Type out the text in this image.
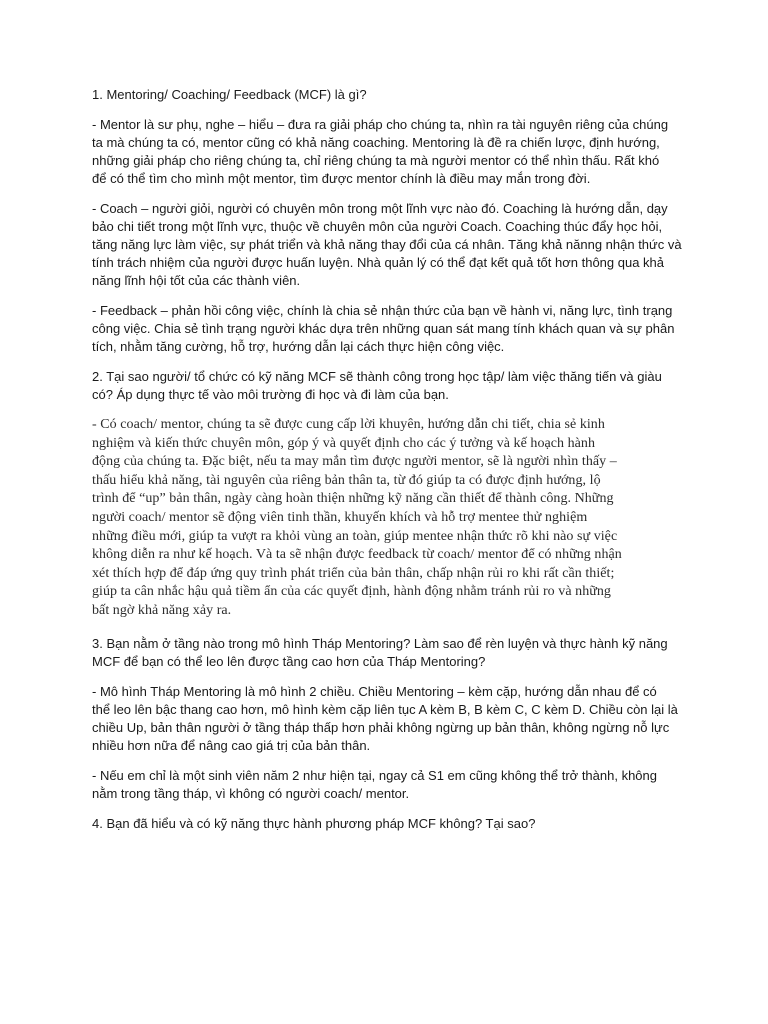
1. Mentoring/ Coaching/ Feedback (MCF) là gì?

- Mentor là sư phụ, nghe – hiểu – đưa ra giải pháp cho chúng ta, nhìn ra tài nguyên riêng của chúng
ta mà chúng ta có, mentor cũng có khả năng coaching. Mentoring là đề ra chiến lược, định hướng,
những giải pháp cho riêng chúng ta, chỉ riêng chúng ta mà người mentor có thể nhìn thấu. Rất khó
để có thể tìm cho mình một mentor, tìm được mentor chính là điều may mắn trong đời.

- Coach – người giỏi, người có chuyên môn trong một lĩnh vực nào đó. Coaching là hướng dẫn, dạy
bảo chi tiết trong một lĩnh vực, thuộc về chuyên môn của người Coach. Coaching thúc đẩy học hỏi,
tăng năng lực làm việc, sự phát triển và khả năng thay đổi của cá nhân. Tăng khả nănng nhận thức và
tính trách nhiệm của người được huấn luyện. Nhà quản lý có thể đạt kết quả tốt hơn thông qua khả
năng lĩnh hội tốt của các thành viên.

- Feedback – phản hồi công việc, chính là chia sẻ nhận thức của bạn về hành vi, năng lực, tình trạng
công việc. Chia sẻ tình trạng người khác dựa trên những quan sát mang tính khách quan và sự phân
tích, nhằm tăng cường, hỗ trợ, hướng dẫn lại cách thực hiện công việc.

2. Tại sao người/ tổ chức có kỹ năng MCF sẽ thành công trong học tập/ làm việc thăng tiến và giàu
có? Áp dụng thực tế vào môi trường đi học và đi làm của bạn.

- Có coach/ mentor, chúng ta sẽ được cung cấp lời khuyên, hướng dẫn chi tiết, chia sẻ kinh
nghiệm và kiến thức chuyên môn, góp ý và quyết định cho các ý tưởng và kế hoạch hành
động của chúng ta. Đặc biệt, nếu ta may mắn tìm được người mentor, sẽ là người nhìn thấy –
thấu hiểu khả năng, tài nguyên của riêng bản thân ta, từ đó giúp ta có được định hướng, lộ
trình để “up” bản thân, ngày càng hoàn thiện những kỹ năng cần thiết để thành công. Những
người coach/ mentor sẽ động viên tinh thần, khuyến khích và hỗ trợ mentee thử nghiệm
những điều mới, giúp ta vượt ra khỏi vùng an toàn, giúp mentee nhận thức rõ khi nào sự việc
không diễn ra như kế hoạch. Và ta sẽ nhận được feedback từ coach/ mentor để có những nhận
xét thích hợp để đáp ứng quy trình phát triển của bản thân, chấp nhận rủi ro khi rất cần thiết;
giúp ta cân nhắc hậu quả tiềm ẩn của các quyết định, hành động nhằm tránh rủi ro và những
bất ngờ khả năng xảy ra.

3. Bạn nằm ở tầng nào trong mô hình Tháp Mentoring? Làm sao để rèn luyện và thực hành kỹ năng
MCF để bạn có thể leo lên được tầng cao hơn của Tháp Mentoring?

- Mô hình Tháp Mentoring là mô hình 2 chiều. Chiều Mentoring – kèm cặp, hướng dẫn nhau để có
thể leo lên bậc thang cao hơn, mô hình kèm cặp liên tục A kèm B, B kèm C, C kèm D. Chiều còn lại là
chiều Up, bản thân người ở tầng tháp thấp hơn phải không ngừng up bản thân, không ngừng nỗ lực
nhiều hơn nữa để nâng cao giá trị của bản thân.

- Nếu em chỉ là một sinh viên năm 2 như hiện tại, ngay cả S1 em cũng không thể trở thành, không
nằm trong tầng tháp, vì không có người coach/ mentor.

4. Bạn đã hiểu và có kỹ năng thực hành phương pháp MCF không? Tại sao?
